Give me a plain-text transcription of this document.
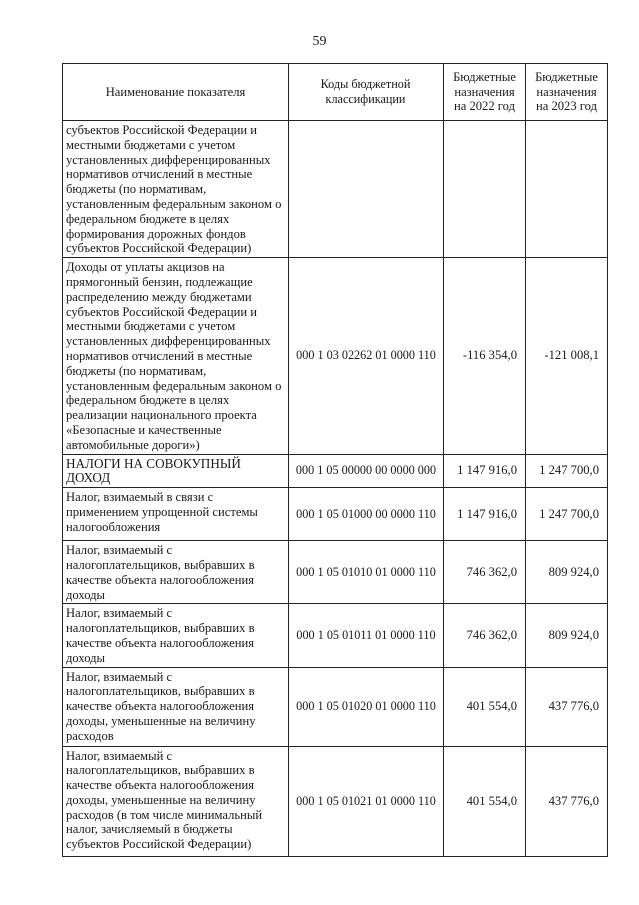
59
Наименование показателя	Коды бюджетной классификации	Бюджетные назначения на 2022 год	Бюджетные назначения на 2023 год
субъектов Российской Федерации и местными бюджетами с учетом установленных дифференцированных нормативов отчислений в местные бюджеты (по нормативам, установленным федеральным законом о федеральном бюджете в целях формирования дорожных фондов субъектов Российской Федерации)			
Доходы от уплаты акцизов на прямогонный бензин, подлежащие распределению между бюджетами субъектов Российской Федерации и местными бюджетами с учетом установленных дифференцированных нормативов отчислений в местные бюджеты (по нормативам, установленным федеральным законом о федеральном бюджете в целях реализации национального проекта «Безопасные и качественные автомобильные дороги»)	000 1 03 02262 01 0000 110	-116 354,0	-121 008,1
НАЛОГИ НА СОВОКУПНЫЙ ДОХОД	000 1 05 00000 00 0000 000	1 147 916,0	1 247 700,0
Налог, взимаемый в связи с применением упрощенной системы налогообложения	000 1 05 01000 00 0000 110	1 147 916,0	1 247 700,0
Налог, взимаемый с налогоплательщиков, выбравших в качестве объекта налогообложения доходы	000 1 05 01010 01 0000 110	746 362,0	809 924,0
Налог, взимаемый с налогоплательщиков, выбравших в качестве объекта налогообложения доходы	000 1 05 01011 01 0000 110	746 362,0	809 924,0
Налог, взимаемый с налогоплательщиков, выбравших в качестве объекта налогообложения доходы, уменьшенные на величину расходов	000 1 05 01020 01 0000 110	401 554,0	437 776,0
Налог, взимаемый с налогоплательщиков, выбравших в качестве объекта налогообложения доходы, уменьшенные на величину расходов (в том числе минимальный налог, зачисляемый в бюджеты субъектов Российской Федерации)	000 1 05 01021 01 0000 110	401 554,0	437 776,0
